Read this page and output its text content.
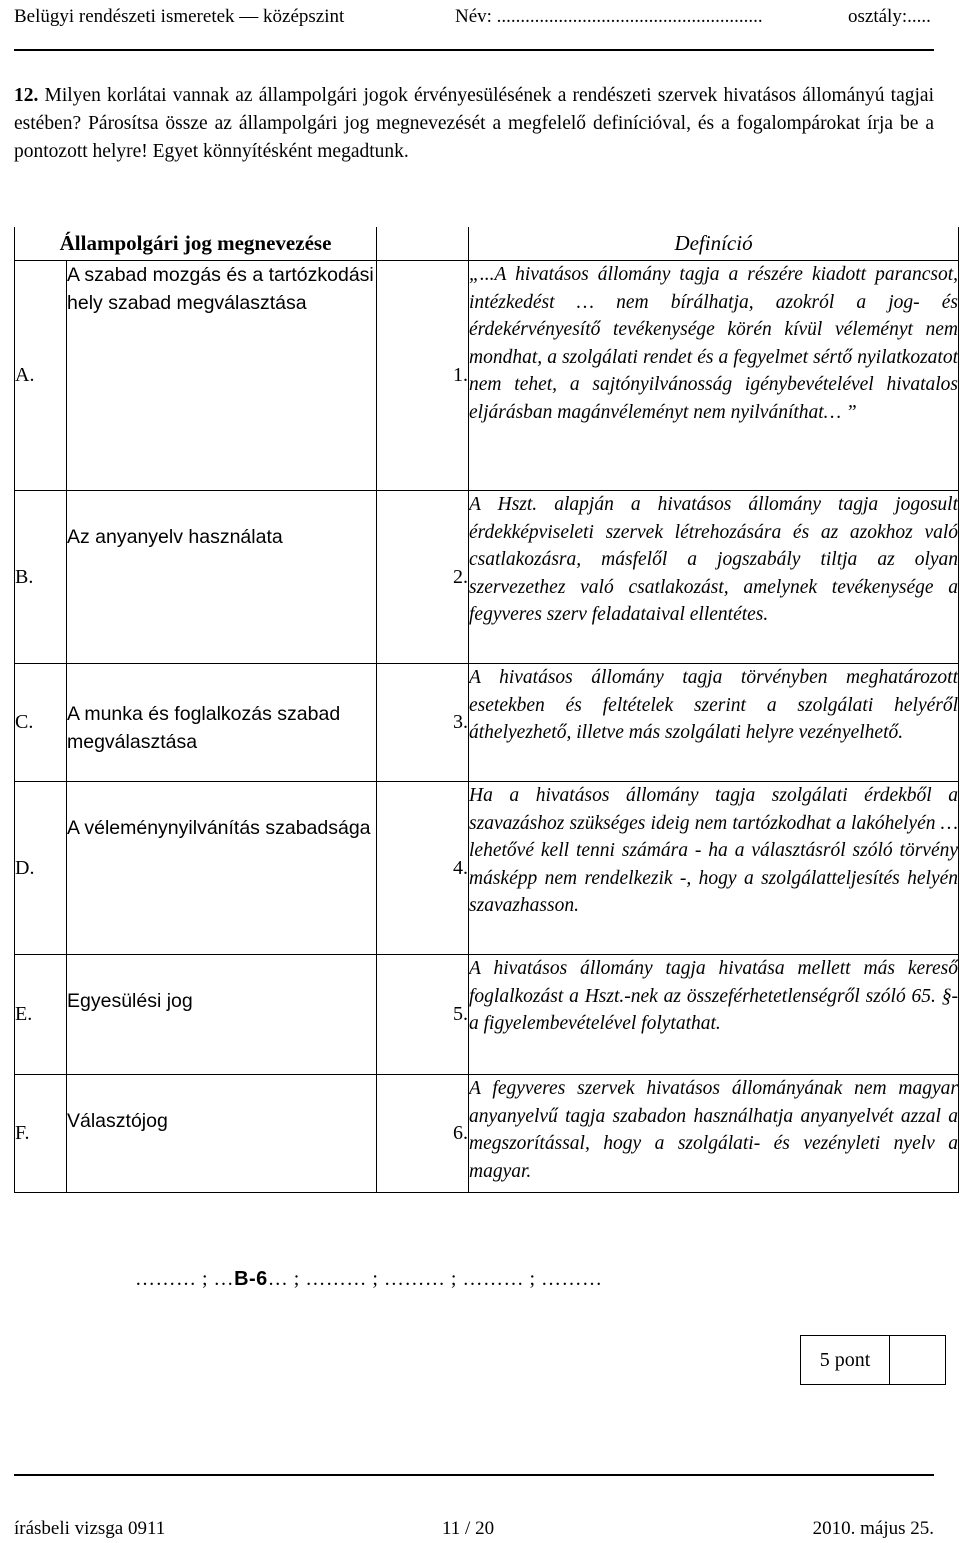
Belügyi rendészeti ismeretek — középszint	Név: ........................................................	osztály:.....
12. Milyen korlátai vannak az állampolgári jogok érvényesülésének a rendészeti szervek hivatásos állományú tagjai estében? Párosítsa össze az állampolgári jog megnevezését a megfelelő definícióval, és a fogalompárokat írja be a pontozott helyre! Egyet könnyítésként megadtunk.
Állampolgári jog megnevezése			Definíció
A.	A szabad mozgás és a tartózkodási hely szabad megválasztása	1.	„...A hivatásos állomány tagja a részére kiadott parancsot, intézkedést … nem bírálhatja, azokról a jog- és érdekérvényesítő tevékenysége körén kívül véleményt nem mondhat, a szolgálati rendet és a fegyelmet sértő nyilatkozatot nem tehet, a sajtónyilvánosság igénybevételével hivatalos eljárásban magánvéleményt nem nyilváníthat… ”
B.	Az anyanyelv használata	2.	A Hszt. alapján a hivatásos állomány tagja jogosult érdekképviseleti szervek létrehozására és az azokhoz való csatlakozásra, másfelől a jogszabály tiltja az olyan szervezethez való csatlakozást, amelynek tevékenysége a fegyveres szerv feladataival ellentétes.
C.	A munka és foglalkozás szabad megválasztása	3.	A hivatásos állomány tagja törvényben meghatározott esetekben és feltételek szerint a szolgálati helyéről áthelyezhető, illetve más szolgálati helyre vezényelhető.
D.	A véleménynyilvánítás szabadsága	4.	Ha a hivatásos állomány tagja szolgálati érdekből a szavazáshoz szükséges ideig nem tartózkodhat a lakóhelyén … lehetővé kell tenni számára - ha a választásról szóló törvény másképp nem rendelkezik -, hogy a szolgálatteljesítés helyén szavazhasson.
E.	Egyesülési jog	5.	A hivatásos állomány tagja hivatása mellett más kereső foglalkozást a Hszt.-nek az összeférhetetlenségről szóló 65. §-a figyelembevételével folytathat.
F.	Választójog	6.	A fegyveres szervek hivatásos állományának nem magyar anyanyelvű tagja szabadon használhatja anyanyelvét azzal a megszorítással, hogy a szolgálati- és vezényleti nyelv a magyar.
……… ; …B-6… ; ……… ; ……… ; ……… ; ………
5 pont
írásbeli vizsga 0911	11 / 20	2010. május 25.
